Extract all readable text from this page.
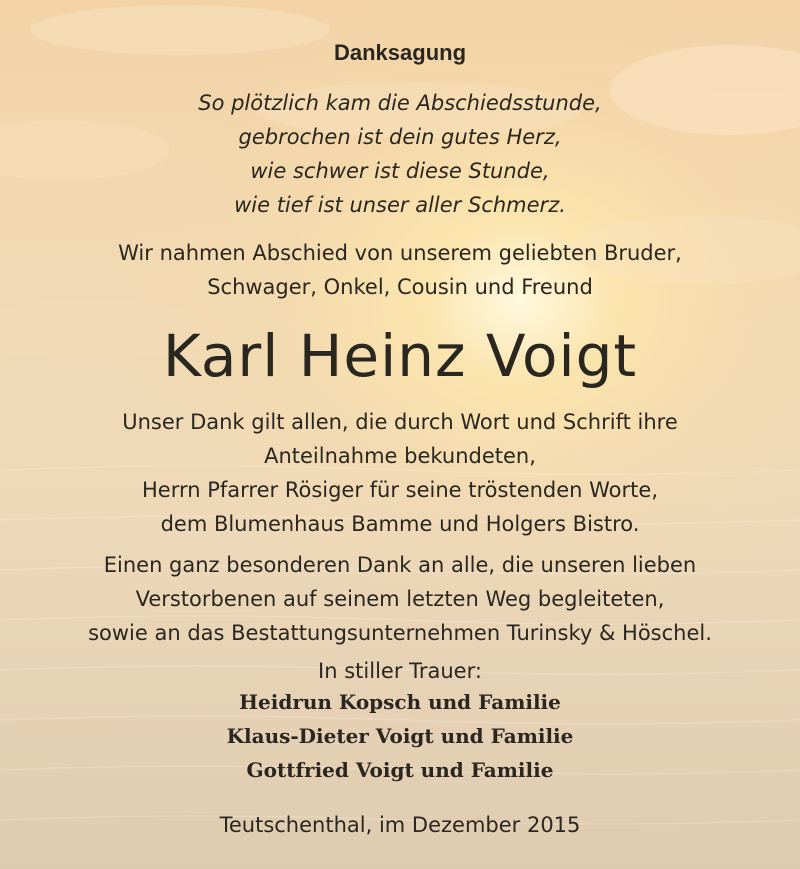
Danksagung
So plötzlich kam die Abschiedsstunde,
gebrochen ist dein gutes Herz,
wie schwer ist diese Stunde,
wie tief ist unser aller Schmerz.
Wir nahmen Abschied von unserem geliebten Bruder,
Schwager, Onkel, Cousin und Freund
Karl Heinz Voigt
Unser Dank gilt allen, die durch Wort und Schrift ihre
Anteilnahme bekundeten,
Herrn Pfarrer Rösiger für seine tröstenden Worte,
dem Blumenhaus Bamme und Holgers Bistro.
Einen ganz besonderen Dank an alle, die unseren lieben
Verstorbenen auf seinem letzten Weg begleiteten,
sowie an das Bestattungsunternehmen Turinsky & Höschel.
In stiller Trauer:
Heidrun Kopsch und Familie
Klaus-Dieter Voigt und Familie
Gottfried Voigt und Familie
Teutschenthal, im Dezember 2015
